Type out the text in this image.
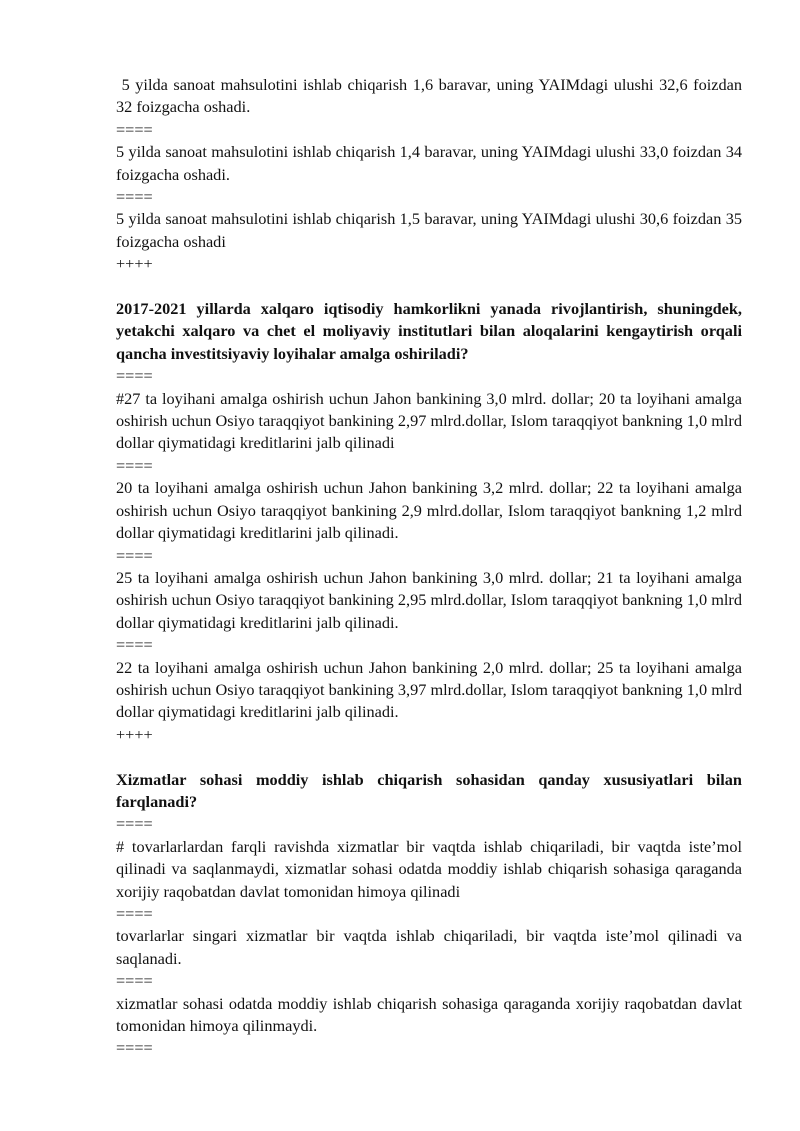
5 yilda sanoat mahsulotini ishlab chiqarish 1,6 baravar, uning YAIMdagi ulushi 32,6 foizdan 32 foizgacha oshadi.

====

5 yilda sanoat mahsulotini ishlab chiqarish 1,4 baravar, uning YAIMdagi ulushi 33,0 foizdan 34 foizgacha oshadi.

====

5 yilda sanoat mahsulotini ishlab chiqarish 1,5 baravar, uning YAIMdagi ulushi 30,6 foizdan 35 foizgacha oshadi

++++

2017-2021 yillarda xalqaro iqtisodiy hamkorlikni yanada rivojlantirish, shuningdek, yetakchi xalqaro va chet el moliyaviy institutlari bilan aloqalarini kengaytirish orqali qancha investitsiyaviy loyihalar amalga oshiriladi?

====

#27 ta loyihani amalga oshirish uchun Jahon bankining 3,0 mlrd. dollar; 20 ta loyihani amalga oshirish uchun Osiyo taraqqiyot bankining 2,97 mlrd.dollar, Islom taraqqiyot bankning 1,0 mlrd dollar qiymatidagi kreditlarini jalb qilinadi

====

20 ta loyihani amalga oshirish uchun Jahon bankining 3,2 mlrd. dollar; 22 ta loyihani amalga oshirish uchun Osiyo taraqqiyot bankining 2,9 mlrd.dollar, Islom taraqqiyot bankning 1,2 mlrd dollar qiymatidagi kreditlarini jalb qilinadi.

====

25 ta loyihani amalga oshirish uchun Jahon bankining 3,0 mlrd. dollar; 21 ta loyihani amalga oshirish uchun Osiyo taraqqiyot bankining 2,95 mlrd.dollar, Islom taraqqiyot bankning 1,0 mlrd dollar qiymatidagi kreditlarini jalb qilinadi.

====

22 ta loyihani amalga oshirish uchun Jahon bankining 2,0 mlrd. dollar; 25 ta loyihani amalga oshirish uchun Osiyo taraqqiyot bankining 3,97 mlrd.dollar, Islom taraqqiyot bankning 1,0 mlrd dollar qiymatidagi kreditlarini jalb qilinadi.

++++

Xizmatlar sohasi moddiy ishlab chiqarish sohasidan qanday xususiyatlari bilan farqlanadi?

====

# tovarlarlardan farqli ravishda xizmatlar bir vaqtda ishlab chiqariladi, bir vaqtda iste’mol qilinadi va saqlanmaydi, xizmatlar sohasi odatda moddiy ishlab chiqarish sohasiga qaraganda xorijiy raqobatdan davlat tomonidan himoya qilinadi

====

tovarlarlar singari xizmatlar bir vaqtda ishlab chiqariladi, bir vaqtda iste’mol qilinadi va saqlanadi.

====

xizmatlar sohasi odatda moddiy ishlab chiqarish sohasiga qaraganda xorijiy raqobatdan davlat tomonidan himoya qilinmaydi.

====
